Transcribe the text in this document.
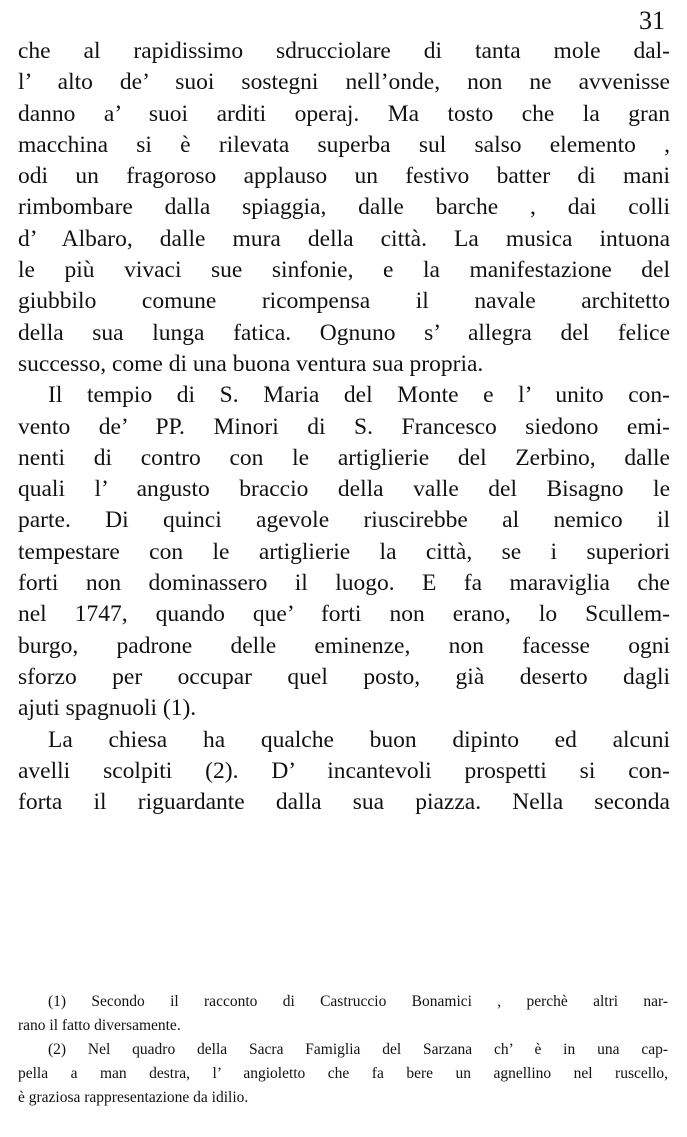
31
che al rapidissimo sdrucciolare di tanta mole dal-
l’ alto de’ suoi sostegni nell’onde, non ne avvenisse
danno a’ suoi arditi operaj. Ma tosto che la gran
macchina si è rilevata superba sul salso elemento ,
odi un fragoroso applauso un festivo batter di mani
rimbombare dalla spiaggia, dalle barche , dai colli
d’ Albaro, dalle mura della città. La musica intuona
le più vivaci sue sinfonie, e la manifestazione del
giubbilo comune ricompensa il navale architetto
della sua lunga fatica. Ognuno s’ allegra del felice
successo, come di una buona ventura sua propria.
Il tempio di S. Maria del Monte e l’ unito con-
vento de’ PP. Minori di S. Francesco siedono emi-
nenti di contro con le artiglierie del Zerbino, dalle
quali l’ angusto braccio della valle del Bisagno le
parte. Di quinci agevole riuscirebbe al nemico il
tempestare con le artiglierie la città, se i superiori
forti non dominassero il luogo. E fa maraviglia che
nel 1747, quando que’ forti non erano, lo Scullem-
burgo, padrone delle eminenze, non facesse ogni
sforzo per occupar quel posto, già deserto dagli
ajuti spagnuoli (1).
La chiesa ha qualche buon dipinto ed alcuni
avelli scolpiti (2). D’ incantevoli prospetti si con-
forta il riguardante dalla sua piazza. Nella seconda
(1) Secondo il racconto di Castruccio Bonamici , perchè altri nar-
rano il fatto diversamente.
(2) Nel quadro della Sacra Famiglia del Sarzana ch’ è in una cap-
pella a man destra, l’ angioletto che fa bere un agnellino nel ruscello,
è graziosa rappresentazione da idilio.
